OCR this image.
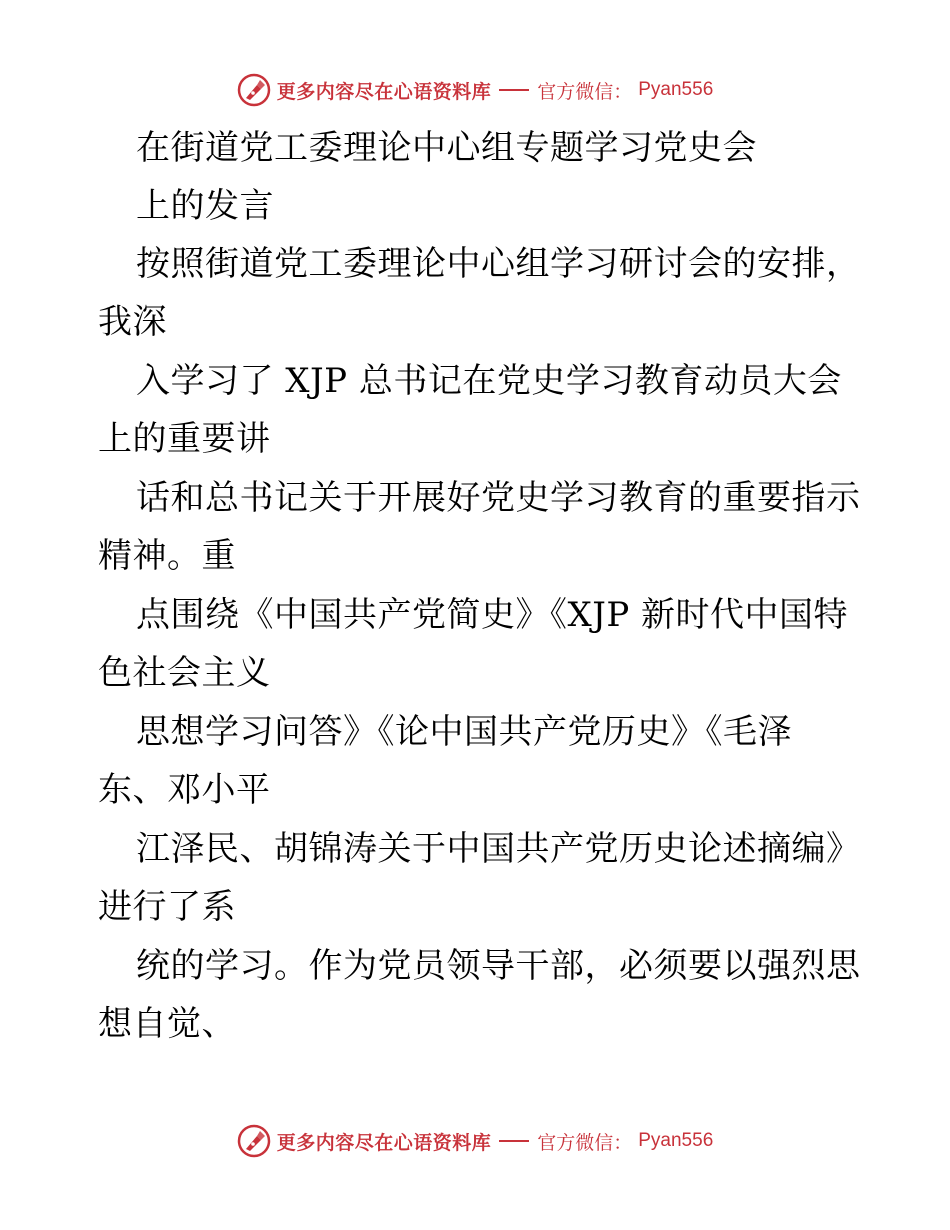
更多内容尽在心语资料库 官方微信： Pyan556
在街道党工委理论中心组专题学习党史会
上的发言
按照街道党工委理论中心组学习研讨会的安排，
我深
入学习了 XJP 总书记在党史学习教育动员大会
上的重要讲
话和总书记关于开展好党史学习教育的重要指示
精神。重
点围绕《中国共产党简史》《XJP 新时代中国特
色社会主义
思想学习问答》《论中国共产党历史》《毛泽
东、邓小平
江泽民、胡锦涛关于中国共产党历史论述摘编》
进行了系
统的学习。作为党员领导干部，必须要以强烈思
想自觉、
更多内容尽在心语资料库 官方微信： Pyan556
